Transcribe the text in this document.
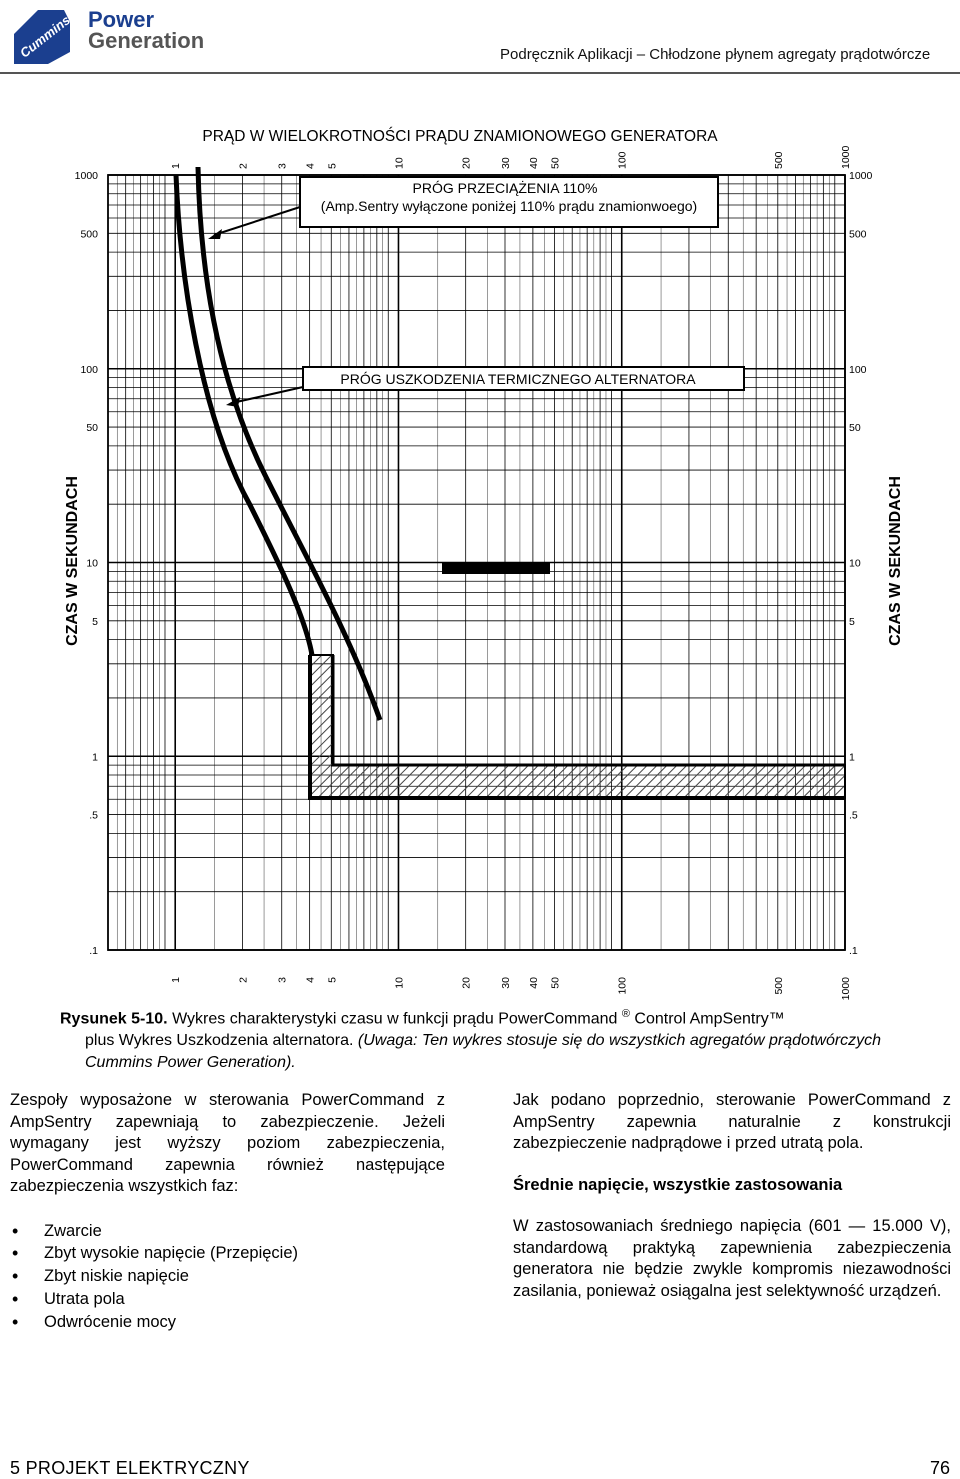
Cummins Power
Generation
Podręcznik Aplikacji – Chłodzone płynem agregaty prądotwórcze
PRĄD W WIELOKROTNOŚCI PRĄDU ZNAMIONOWEGO GENERATORA
1	2	3 4 5	10	20	30 40 50	100	500	1000
1	2	3 4 5	10	20	30 40 50	100	500	1000
1000
500
100
50
10
5
1
.5
.1
1000
500
100
50
10
5
1
.5
.1
CZAS W SEKUNDACH	CZAS W SEKUNDACH
PRÓG PRZECIĄŻENIA 110%
(Amp.Sentry wyłączone poniżej 110% prądu znamionwoego)
PRÓG USZKODZENIA TERMICZNEGO ALTERNATORA
Rysunek 5-10. Wykres charakterystyki czasu w funkcji prądu PowerCommand ® Control AmpSentry™
plus Wykres Uszkodzenia alternatora. (Uwaga: Ten wykres stosuje się do wszystkich agregatów prądotwórczych Cummins Power Generation).

Zespoły wyposażone w sterowania PowerCommand z AmpSentry zapewniają to zabezpieczenie. Jeżeli wymagany jest wyższy poziom zabezpieczenia, PowerCommand zapewnia również następujące zabezpieczenia wszystkich faz:

• Zwarcie
• Zbyt wysokie napięcie (Przepięcie)
• Zbyt niskie napięcie
• Utrata pola
• Odwrócenie mocy

Jak podano poprzednio, sterowanie PowerCommand z AmpSentry zapewnia naturalnie z konstrukcji zabezpieczenie nadprądowe i przed utratą pola.

Średnie napięcie, wszystkie zastosowania

W zastosowaniach średniego napięcia (601 — 15.000 V), standardową praktyką zapewnienia zabezpieczenia generatora nie będzie zwykle kompromis niezawodności zasilania, ponieważ osiągalna jest selektywność urządzeń.

5 PROJEKT ELEKTRYCZNY	76
